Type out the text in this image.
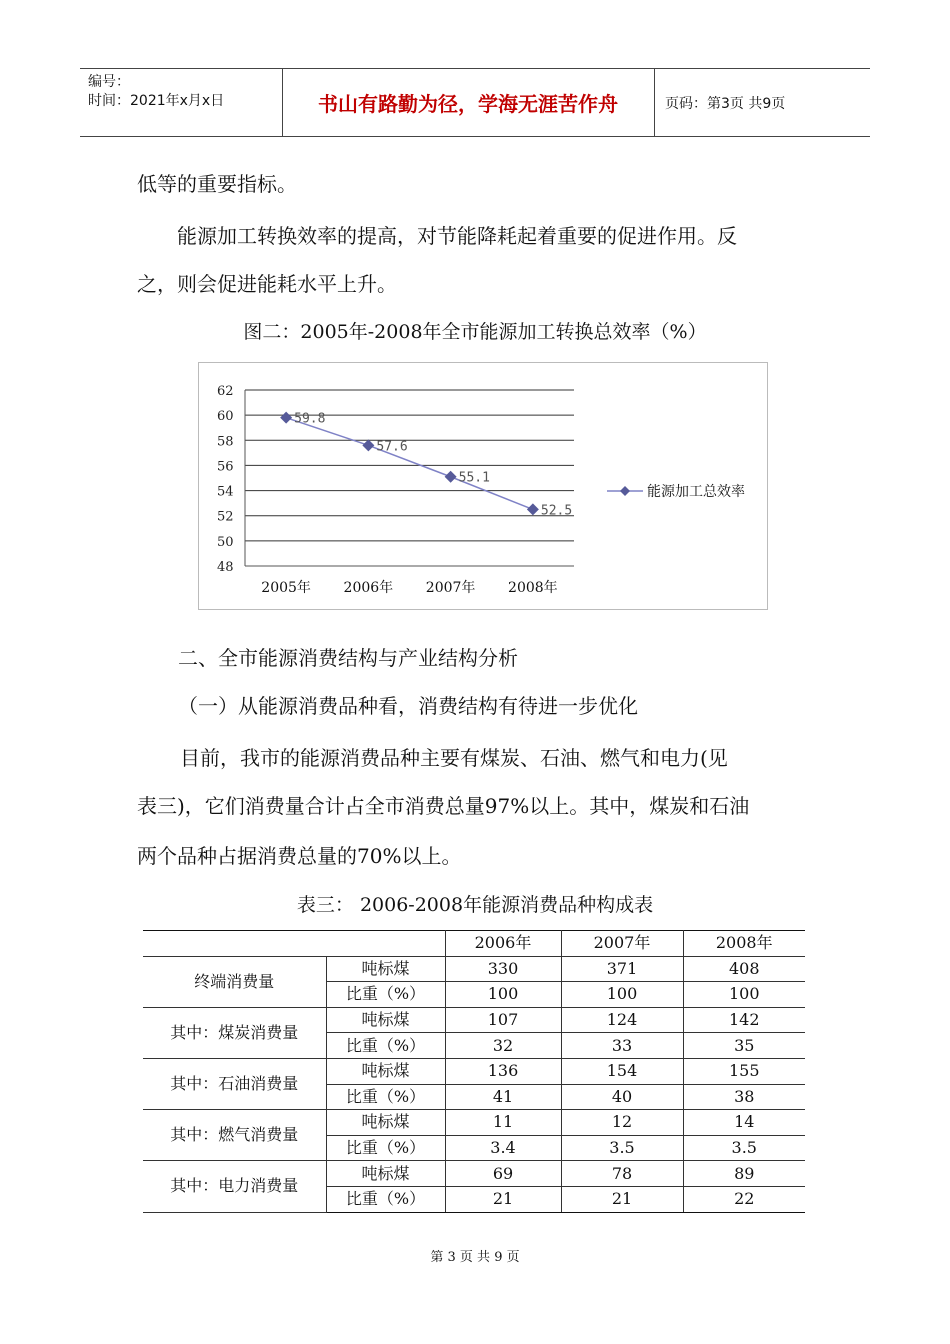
编号：
时间：2021年x月x日	书山有路勤为径，学海无涯苦作舟	页码：第3页 共9页
低等的重要指标。
能源加工转换效率的提高，对节能降耗起着重要的促进作用。反
之，则会促进能耗水平上升。
图二：2005年-2008年全市能源加工转换总效率（%）
62
60
58
56
54
52
50
48
2005年 2006年 2007年 2008年
59.8
57.6
55.1
52.5
能源加工总效率
二、全市能源消费结构与产业结构分析
（一）从能源消费品种看，消费结构有待进一步优化
目前，我市的能源消费品种主要有煤炭、石油、燃气和电力(见
表三)，它们消费量合计占全市消费总量97%以上。其中，煤炭和石油
两个品种占据消费总量的70%以上。
表三： 2006-2008年能源消费品种构成表
		2006年	2007年	2008年
终端消费量	吨标煤	330	371	408
	比重（%）	100	100	100
其中：煤炭消费量	吨标煤	107	124	142
	比重（%）	32	33	35
其中：石油消费量	吨标煤	136	154	155
	比重（%）	41	40	38
其中：燃气消费量	吨标煤	11	12	14
	比重（%）	3.4	3.5	3.5
其中：电力消费量	吨标煤	69	78	89
	比重（%）	21	21	22
第 3 页 共 9 页
